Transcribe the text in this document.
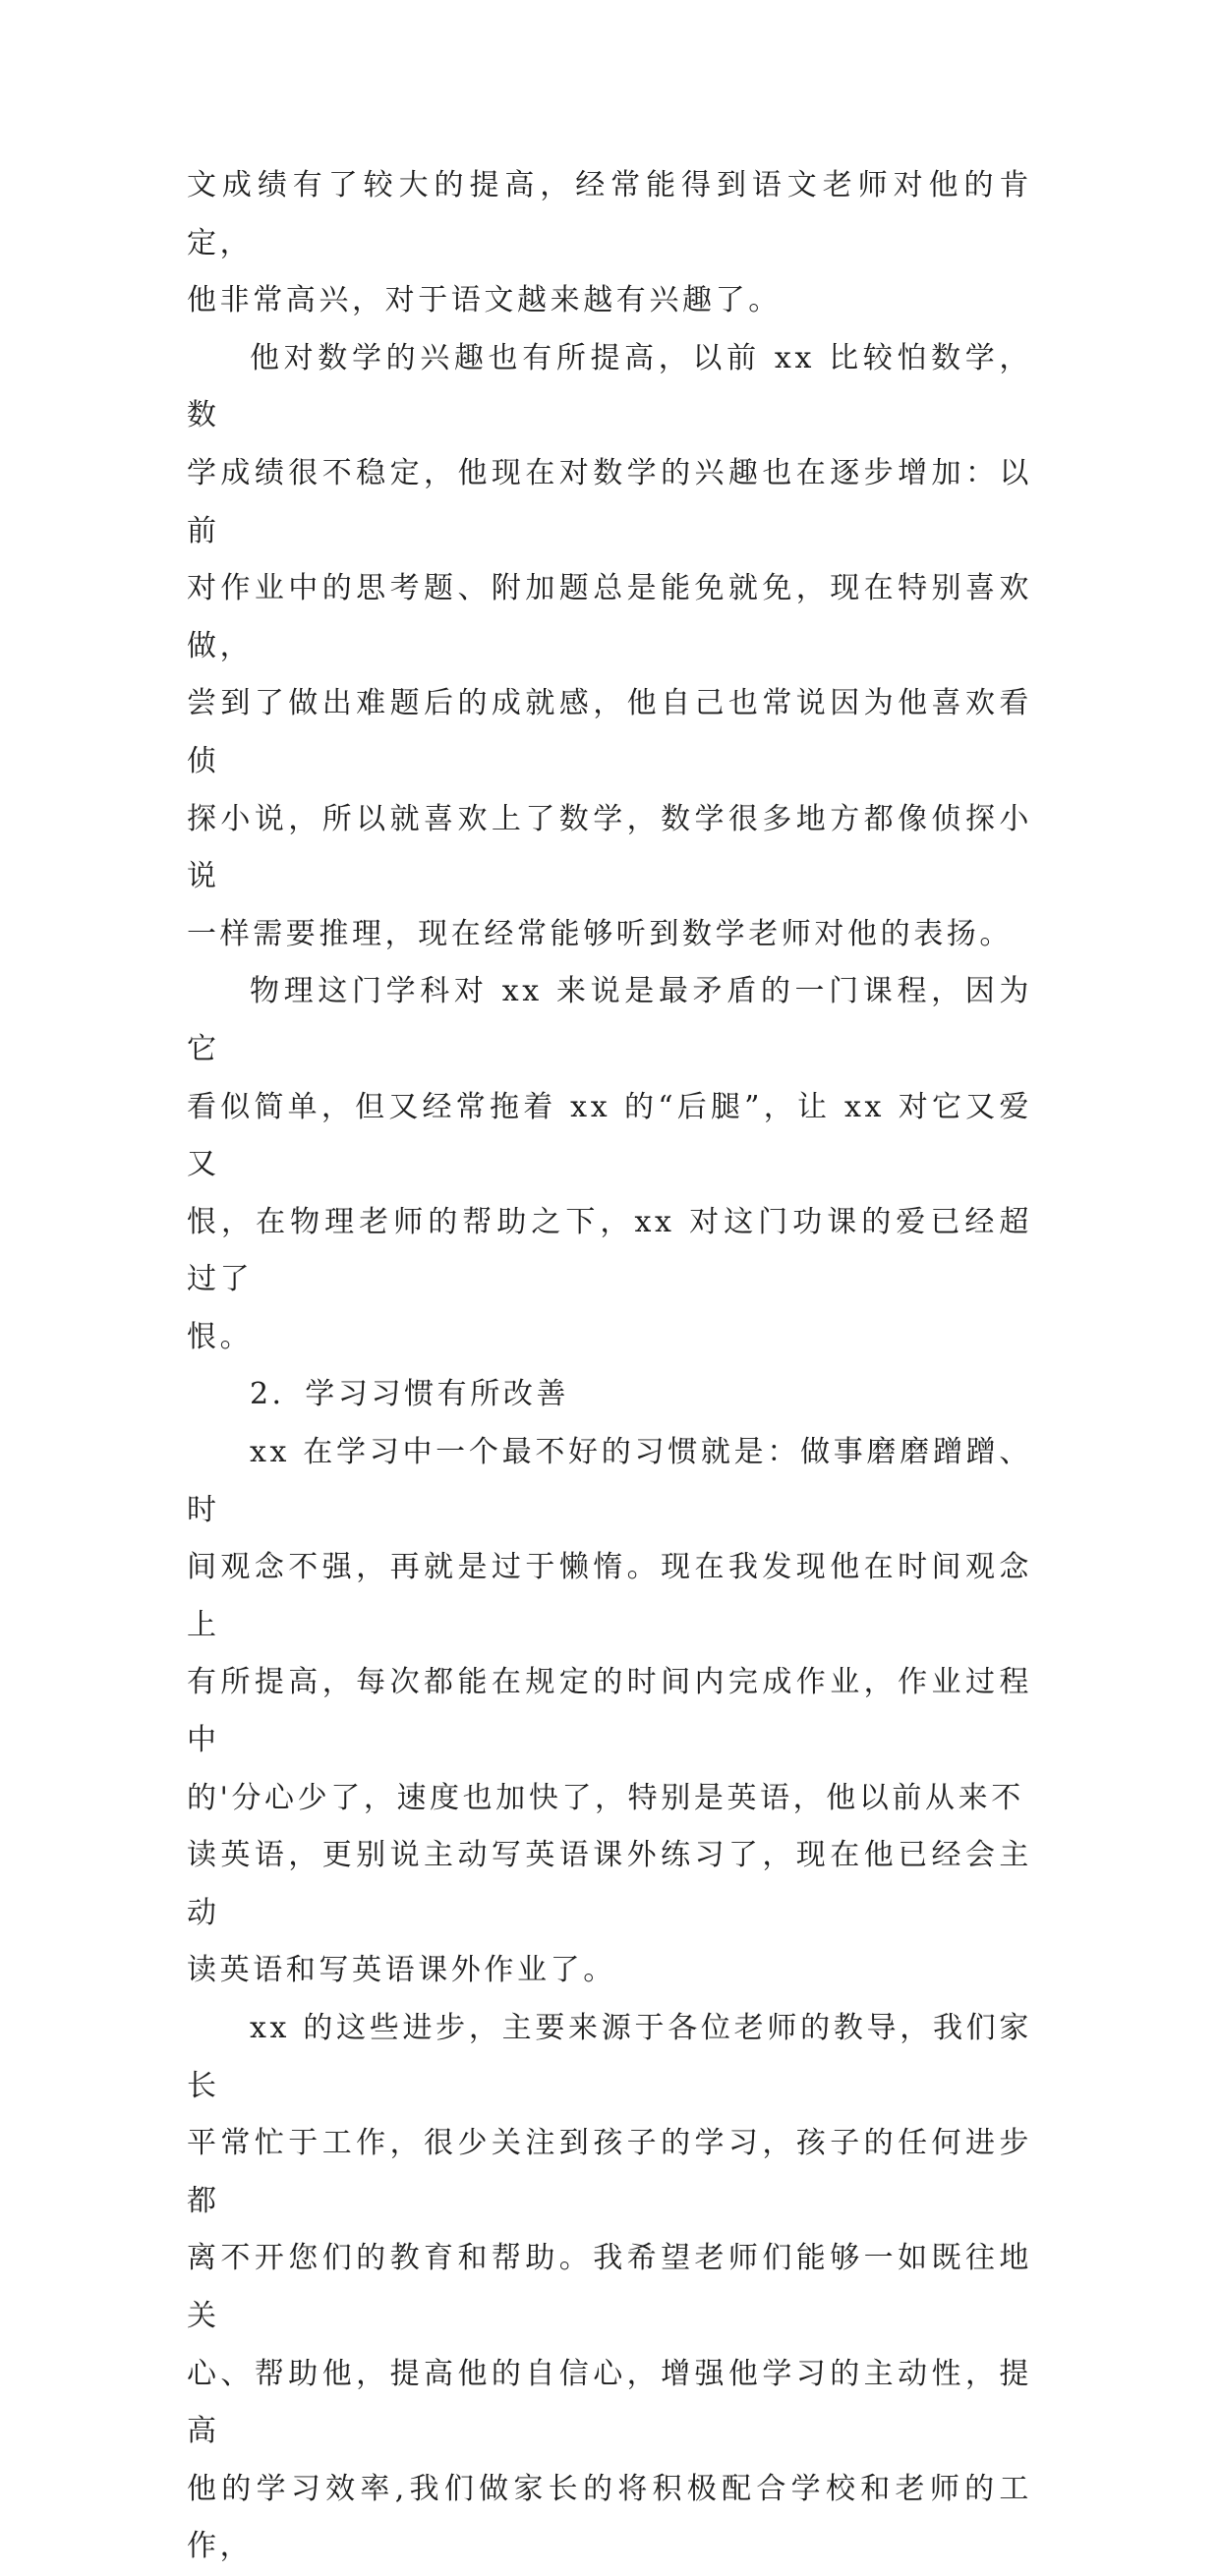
文成绩有了较大的提高，经常能得到语文老师对他的肯定，
他非常高兴，对于语文越来越有兴趣了。
他对数学的兴趣也有所提高，以前 xx 比较怕数学，数
学成绩很不稳定，他现在对数学的兴趣也在逐步增加：以前
对作业中的思考题、附加题总是能免就免，现在特别喜欢做，
尝到了做出难题后的成就感，他自己也常说因为他喜欢看侦
探小说，所以就喜欢上了数学，数学很多地方都像侦探小说
一样需要推理，现在经常能够听到数学老师对他的表扬。
物理这门学科对 xx 来说是最矛盾的一门课程，因为它
看似简单，但又经常拖着 xx 的“后腿”，让 xx 对它又爱又
恨，在物理老师的帮助之下，xx 对这门功课的爱已经超过了
恨。
2．学习习惯有所改善
xx 在学习中一个最不好的习惯就是：做事磨磨蹭蹭、时
间观念不强，再就是过于懒惰。现在我发现他在时间观念上
有所提高，每次都能在规定的时间内完成作业，作业过程中
的'分心少了，速度也加快了，特别是英语，他以前从来不
读英语，更别说主动写英语课外练习了，现在他已经会主动
读英语和写英语课外作业了。
xx 的这些进步，主要来源于各位老师的教导，我们家长
平常忙于工作，很少关注到孩子的学习，孩子的任何进步都
离不开您们的教育和帮助。我希望老师们能够一如既往地关
心、帮助他，提高他的自信心，增强他学习的主动性，提高
他的学习效率,我们做家长的将积极配合学校和老师的工作，
